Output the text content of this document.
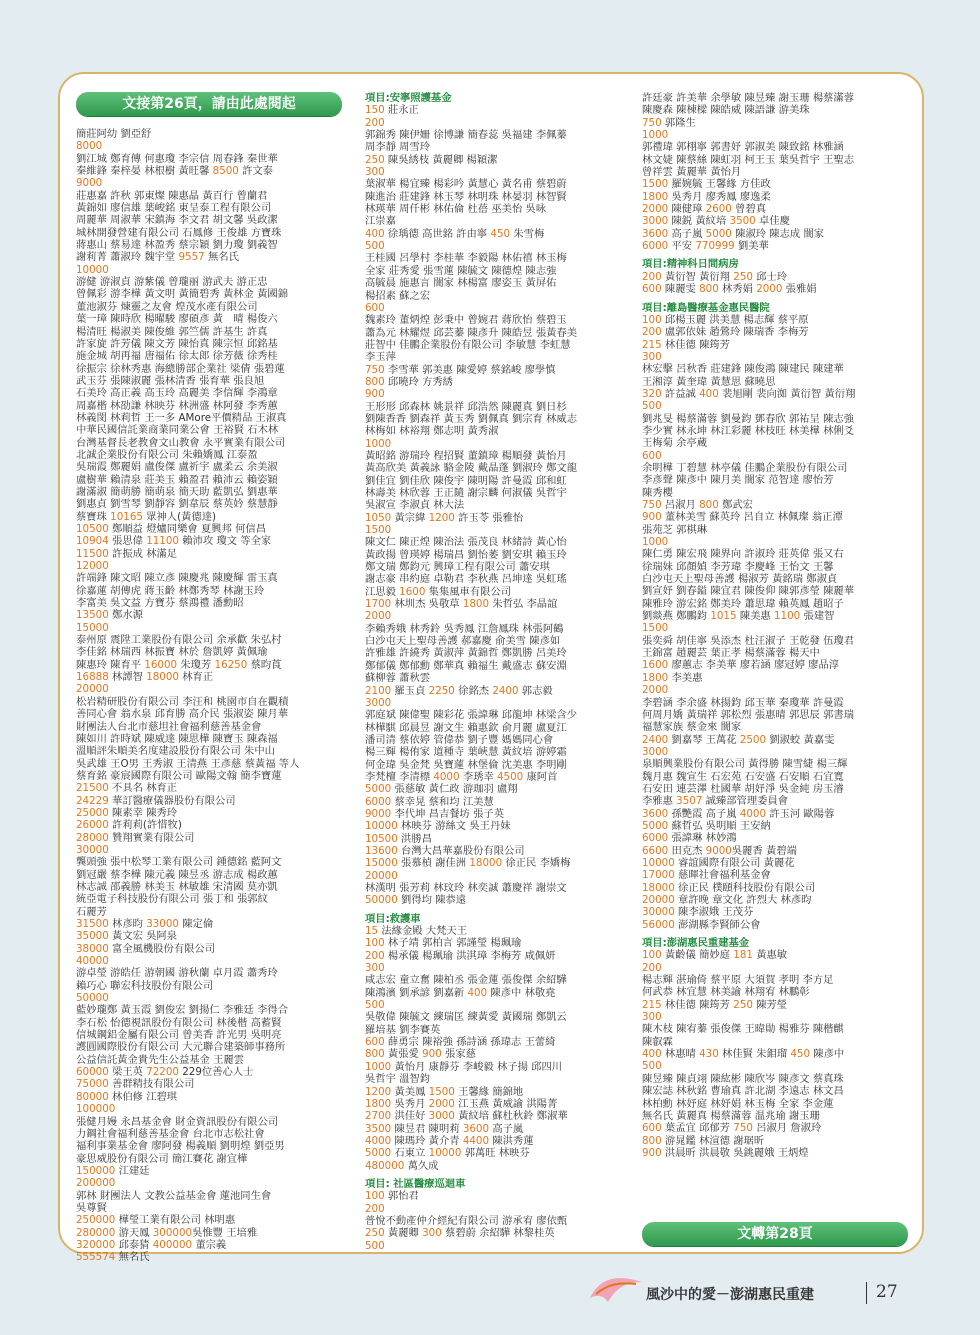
文接第26頁，請由此處閱起
文轉第28頁
簡莊阿幼 劉亞舒
8000
劉江城 鄭育傳 何惠瓊 李宗信 周春鋒 秦世華
秦維鋒 秦梓晏 林根樹 黃旺馨 8500 許文泰
9000
莊惠嘉 許秋 郭東燦 陳惠晶 黃百行 曾蘭君
黃錦如 廖信雄 葉峻銘 東呈泰工程有限公司
周麗華 周淑華 宋鎮海 李文君 胡文馨 吳政潔
城林開發營建有限公司 石鳳修 王俊雄 方寶珠
蔣惠山 蔡易達 林盈秀 蔡宗穎 劉力瓊 劉義智
謝莉菁 蕭淑玲 魏宇堂 9557 無名氏
10000
游健 游淑貞 游紫儀 曾瓏丽 游武夫 游正忠
曾佩彩 游李樺 黃文明 黃簡碧秀 黃林金 黃國錦
董池淑芬 煉靈之友會 煌茂水產有限公司
葉一璋 陳時欣 楊曜駿 廖碩彥 黃　晴 楊俊六
楊清旺 楊淑美 陳俊維 郭竺儒 許基生 許真
許家旋 許芳儀 陳文芳 陳怡真 陳宗恒 邱銘基
施金城 胡再福 唐福佑 徐太郎 徐芳薇 徐秀桂
徐振宗 徐林秀惠 海總勝部企業社 梁倩 張碧蓮
武玉芬 張陳淑麗 張林清香 張育華 張良旭
石美玲 高正義 高玉玲 高麗美 李信輝 李鴻章
周嘉楷 林劭謙 林映芬 林洲盛 林阿發 李秀蕙
林義閔 林莉哲 王一多 AMore平價精品 王淑真
中華民國信託業商業同業公會 王裕賢 石木林
台灣基督長老教會文山教會 永平實業有限公司
北誠企業股份有限公司 朱賴嬌鳳 江泰盈
吳瑞霞 鄭麗娟 盧俊傑 盧祈宇 盧柔云 余美淑
盧樹華 賴清泉 莊美玉 賴盈君 賴沛云 賴姿穎
謝滿淑 簡萌勝 簡萌泉 簡天助 藍凱弘 劉惠華
劉惠貞 劉雪琴 劉靜容 劉韋辰 蔡英妗 蔡慧靜
蔡寶珠 10165 眾神人(黃德達)
10500 鄭順益 燈爐同樂會 夏興邦 何信昌
10904 張思偉 11100 賴沛攻 瓊文 等全家
11500 許振成 林滿足
12000
許端鋒 陳文昭 陳立彥 陳慶兆 陳慶輝 雷玉真
徐嘉蓮 胡傳虎 蔣玉齡 林鄭秀琴 林謝玉玲
李富美 吳文益 方寶芬 蔡鴻禮 潘勳昭
13500 鄭水源
15000
泰州原 震陞工業股份有限公司 余承歡 朱弘村
李佳銘 林瑞西 林振寶 林於 詹凱婷 黃佩瑜
陳惠玲 陳育平 16000 朱瓊芳 16250 蔡昀莨
16888 林譚智 18000 林育正
20000
松岩精研股份有限公司 李汪和 桃園市自在觀積
善同心會 翁水泉 邱育勝 高介民 張淑姿 陳月華
財團法人台北市慈坦社會福利慈善基金會
陳如川 許時斌 陳威達 陳思樺 陳寶玉 陳森福
溫順評朱順美名度建設股份有限公司 朱中山
吳武雄 王O男 王秀淑 王清燕 王彥慈 蔡黃福 等人
蔡育銘 豪宸國際有限公司 歐陽文翰 簡李寶蓮
21500 不具名 林育正
24229 華訂醫療儀器股份有限公司
25000 陳素幸 陳秀玲
26000 許莉莉(許惜牧)
28000 贊翔實業有限公司
30000
龔頭強 張中松琴工業有限公司 鍾德銘 藍阿文
劉冠嚴 蔡李樺 陳元義 陳昱丞 游志成 楊政蕙
林志誠 邵義勝 林美玉 林敏雄 宋清國 莫亦凱
統亞電子科技股份有限公司 張丁和 張郭紋
石麗芳
31500 林彥昀 33000 陳定倫
35000 黃文宏 吳阿泉
38000 富全風機股份有限公司
40000
游卓瑩 游皓任 游朝國 游秋蘭 卓月霞 蕭秀玲
賴巧心 聯宏科技股份有限公司
50000
藍妙瓏鄭 黃玉霞 劉俊宏 劉揚仁 李雅廷 李得合
李石松 怡德視訊股份有限公司 林後楷 高蓄賢
信城鋼鋁金屬有限公司 曾美香 許光男 吳明亮
護圓國際股份有限公司 大元聯合建築師事務所
公益信託黃金貴先生公益基金 王麗雲
60000 梁王英 72200 229位善心人士
75000 善群精技有限公司
80000 林伯修 江碧琪
100000
張健月嫚 永昌基金會 財金資訊股份有限公司
力鋼社會福利慈善基金會 台北市志松社會
福利事業基金會 廖阿發 楊義順 劉明煌 劉亞男
豪思威股份有限公司 簡江賽花 謝宜樺
150000 江建廷
200000
郭林 財團法人 文教公益基金會 蓮池同生會
吳尊賢
250000 樺瑩工業有限公司 林明惠
280000 游天鳳 300000吳惟豐 王培雅
320000 邱泰猜 400000 董宗義
555574 無名氏
項目:安寧照護基金
150 莊永正
200
郭錦秀 陳伊姍 徐博謙 簡春蕊 吳福建 李佩蓁
周李靜 周雪玲
250 陳吳綉枝 黃麗卿 楊穎潔
300
葉淑華 楊宜臻 楊彩吟 黃慧心 黃名甫 蔡碧蔚
陳進治 莊建鋒 林玉琴 林明珠 林晏羽 林智賢
林瑛華 周仟彬 林佑倫 杜蓓 巫美怡 吳咏
江崇嘉
400 徐瑀德 高世銘 許由寧 450 朱雪梅
500
王桂國 呂學村 李桂華 李毅陽 林佑禧 林玉梅
全家 莊秀愛 張雪蓮 陳毓文 陳德煌 陳志強
高毓晨 施惠言 闇家 林楊富 廖姿玉 黃屏佑
楊招素 蘇之宏
600
魏素玲 董炳煌 彭秉中 曾婉君 蔣欣怡 蔡碧玉
蕭為元 林耀煜 邱芸蓁 陳彥升 陳皓昱 張黃春美
莊智中 佳鵬企業股份有限公司 李敏慧 李虹慧
李玉萍
750 李雪華 郭美惠 陳愛婷 蔡銘峻 廖學慎
800 邱曉玲 方秀綉
900
王形形 邱森林 姚景祥 邱浩然 陳麗真 劉日杉
劉陳香香 劉森祥 黃玉秀 劉佩真 劉宗育 林威志
林梅如 林裕翔 鄭志明 黃秀淑
1000
黃昭銘 游瑞玲 程招賢 董鎮璋 楊順發 黃怡月
黃高欣美 黃義詠 駱金陵 戴晶蓬 劉淑玲 鄭文龍
劉佳宜 劉佳欣 陳俊宇 陳明陽 許曼霞 邱和虹
林壽美 林欣蓉 王正隨 謝宗麟 何淑儀 吳哲宇
吳淑宣 李淑貞 林大法
1050 黃宗緯 1200 許玉苓 張雅怡
1500
陳文仁 陳正煌 陳治法 張茂良 林緒詩 黃心怡
黃政揚 曾瑛婷 楊瑞昌 劉怡萎 劉安琪 賴玉玲
鄭文瑞 鄭鈞元 興璋工程有限公司 蕭安琪
謝志豪 串約庭 卓勒君 李秋燕 呂坤達 吳虹瑤
江思毅 1600 集集風車有限公司
1700 林圳杰 吳敬草 1800 朱哲弘 李晶誼
2000
李賴秀娥 林秀鈴 吳秀鳳 江詹鳳珠 林張阿鶴
白沙屯天上聖母善護 郝嘉慶 俞美雪 陳彥如
許雅雄 許繞秀 黃淑萍 黃錦哲 鄭凱勝 呂美玲
鄭郁儀 鄭郁勳 鄭華真 賴福生 戴盛志 蘇安淵
蘇柳蓉 蕭秋雲
2100 羅玉貞 2250 徐銘杰 2400 郭志毅
3000
郭庭斌 陳偉聖 陳彩花 張諱琳 邱龍坤 林梁含少
林樺騏 邱晨昱 謝文生 賴惠欽 俞月麗 盧夏江
潘司清 蔡依婷 管偉恭 劉子豐 媽媽同心會
楊三輝 楊侑家 道種寺 葉峽慧 黃紋培 游婷霜
何金瑋 吳金梵 吳寶蓮 林堡倫 沈美惠 李明剛
李梵檀 李清標 4000 李琇幸 4500 康阿首
5000 張慈敏 黃仁政 游珈羽 盧翔
6000 蔡幸晃 蔡和均 江美慧
9000 李代坤 昌吉餐坊 張子英
10000 林映芬 游絲文 吳王丹妹
10500 洪勝昌
13600 台灣大昌華嘉股份有限公司
15000 張慕楨 謝佳洲 18000 徐正民 李嬌梅
20000
林漢明 張芳莉 林玟玲 林奕誠 蕭慶祥 謝崇文
50000 劉得均 陳恭遠
項目:救護車
15 法緣金殿 大梵天王
100 林子靖 郭柏言 郭謹瑩 楊珮瑜
200 楊承儀 楊珮瑜 洪淇璋 李梅芳 咸佩妍
300
咸志宏 童立奮 陳柏丞 張金蓮 張俊傑 余紹驊
陳鴻濱 劉承諺 劉嘉新 400 陳彥中 林敬堯
500
吳敬偉 陳毓文 練瑞匡 練黃愛 黃國瑞 鄭凱云
羅培基 劉李賽英
600 薛勇宗 陳裕強 孫詩涵 孫瑋志 王蕾綺
800 黃張愛 900 張家慈
1000 黃怡月 康靜芬 李峻毅 林子揚 邱四川
吳哲宇 溫智鈞
1200 黃美鳳 1500 王馨緣 簡錦地
1800 吳秀月 2000 江玉燕 黃威諭 洪陽菁
2700 洪佳好 3000 黃紋培 蘇杜秋鈴 鄭淑華
3500 陳昱君 陳明莉 3600 高子嵐
4000 陳瑪玲 黃介青 4400 陳洪秀蓮
5000 石東立 10000 郭萬旺 林映芬
480000 萬久成
項目: 社區醫療巡迴車
100 郭怡君
200
普悅不動產仲介經紀有限公司 游承宥 廖依甄
250 黃麗卿 300 蔡碧蔚 余紹驊 林黎桂英
500
許廷豪 許美華 余學敏 陳昱臻 謝玉珊 楊蔡滿蓉
陳慶森 陳棟樑 陳皓威 陳語謙 游美珠
750 郭隆生
1000
郭禮瑋 郭栩寧 郭書妤 郭淑美 陳致銘 林雅涵
林文婕 陳蔡絲 陳虹羽 柯王玉 葉吳哲宇 王聖志
曾祥雲 黃麗華 黃怡月
1500 羅婉毓 王馨緣 方佳政
1800 吳秀月 廖秀鳳 廖逸柔
2000 陳健璋 2600 曾碧真
3000 陳鋭 黃紋培 3500 卓佳慶
3600 高子嵐 5000 陳淑玲 陳志成 闇家
6000 平安 770999 劉美華
項目:精神科日間病房
200 黃衍智 黃衍翔 250 邱士玲
600 陳麗雯 800 林秀娟 2000 張雅娟
項目:離島醫療基金惠民醫院
100 邱楊玉麗 洪美慧 楊志輝 蔡平原
200 盧郭依妹 趙鶯玲 陳瑞香 李梅芳
215 林佳德 陳筠芳
300
林宏擊 呂秋香 莊建鋒 陳俊鴻 陳建民 陳建華
王湘淳 黃奎瑋 黃慧思 蘇曉思
320 許益誠 400 裴旭剛 裴向洳 黃衍智 黃衍翔
500
劉兆旻 楊蔡滿蓉 劉曼鈞 鄧春欣 郭祐呈 陳志強
李少實 林永坤 林江彩麗 林枝旺 林美樺 林俐爻
王梅菊 余亭蔵
600
余明樺 丁碧慧 林亭儀 佳鵬企業股份有限公司
李彥聲 陳彥中 陳月美 闇家 范智達 廖怡芳
陳秀櫻
750 呂淑月 800 鄭武宏
900 董林美雪 蘇英玲 呂自立 林佩璨 翁正潭
張苑芝 郭棋琳
1000
陳仁勇 陳宏飛 陳界向 許淑玲 莊英偉 張又右
徐瑞妹 邱顏媜 李芳瑋 李慶峰 王怡文 王馨
白沙屯天上聖母善護 楊淑芳 黃銘瑞 鄭淑貞
劉宣妤 劉春鎰 陳宜君 陳俊仰 陳郭彥瑩 陳麗華
陳雅玲 游宏銘 鄭美玲 蕭思瑋 賴英鳳 趙昭子
劉燚燕 鄭鵬鈞 1015 陳美惠 1100 張建智
1500
張奕舜 胡佳寧 吳添杰 杜汪淑子 王乾發 伍瓊君
王錦富 趙麗芸 葉正孝 楊蔡滿蓉 楊天中
1600 廖蕙志 李美華 廖若涵 廖冠婷 廖品淳
1800 李美惠
2000
李碧涵 李余盛 林揚鈞 邱玉華 秦瓊華 許曼霞
何周月嬌 黃瑞祥 郭松烈 張惠晴 郭思辰 郭書瑞
福慧家族 蔡金來 闇家
2400 劉嘉琴 王萬花 2500 劉淑蛟 黃嘉雯
3000
泉順興業股份有限公司 黃得勝 陳雪緁 楊三輝
魏月惠 魏宣生 石宏苑 石安盛 石安順 石宜寬
石安田 連芸澤 杜國華 胡妤淨 吳金純 房玉濬
李雅惠 3507 誠臻部管理委員會
3600 孫艷霞 高子嵐 4000 許玉河 歐陽蓉
5000 蘇哲弘 吳明順 王安納
6000 張諱琳 林妙鴻
6600 田克杰 9000吳麗香 黃碧端
10000 睿誼國際有限公司 黃麗花
17000 慈暉社會福利基金會
18000 徐正民 樸頤科技股份有限公司
20000 章許晚 章文化 許烈大 林彥昀
30000 陳李淑娥 王茂芬
56000 澎湖縣李賢師公會
項目:澎湖惠民重建基金
100 黃齡儀 簡妙庭 181 黃惠敏
200
楊志輝 湛瑜倚 蔡平原 大須賀 孝明 李方足
何武恭 林宜慧 林美諭 林翔宥 林鵬彰
215 林佳德 陳筠芳 250 陳芳瑩
300
陳木枝 陳宥蓁 張俊傑 王暐勛 楊雅芬 陳楷麒
陳叡霖
400 林惠晴 430 林佳賢 朱鉬瑠 450 陳彥中
500
陳昱臻 陳貞翊 陳紘彬 陳欣岑 陳彥文 蔡真珠
陳宏誌 林秋銘 曹瑜真 許北湖 李遠志 林文昌
林柏勳 林妤庭 林妤娟 林玉梅 全家 李金蓮
無名氏 黃麗真 楊蔡滿蓉 温兆瑜 謝玉珊
600 葉孟宜 邱郁芳 750 呂淑月 詹淑玲
800 游晁鑑 林渲德 謝琚昕
900 洪晨昕 洪晨敬 吳銚麗娥 王炳煌
風沙中的愛－澎湖惠民重建	27
